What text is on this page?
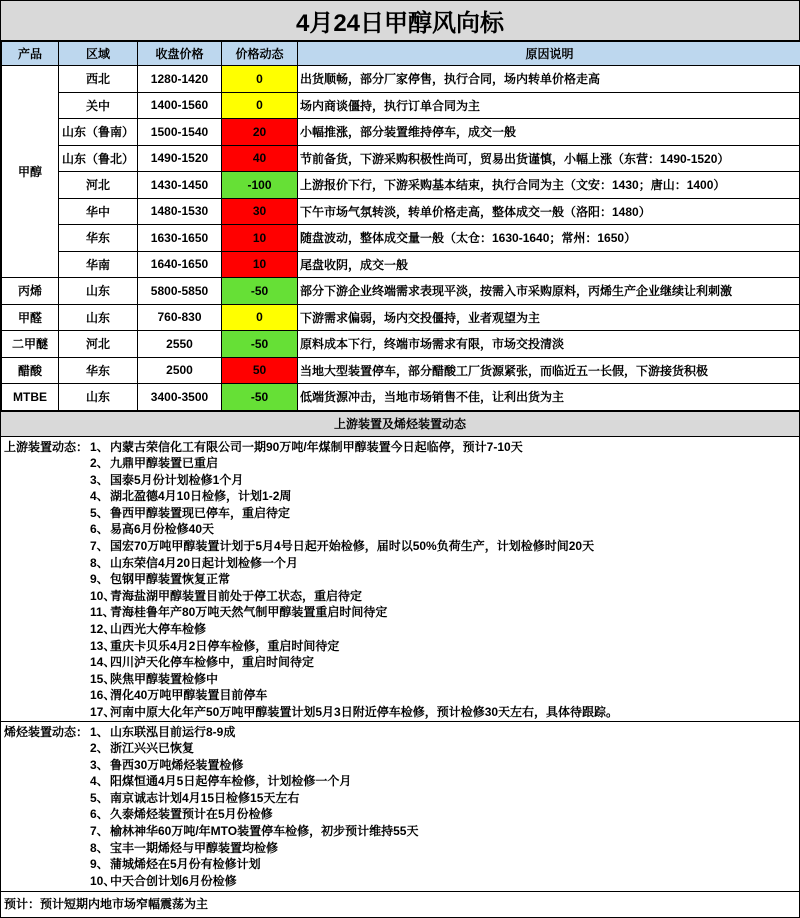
4月24日甲醇风向标
产品	区域	收盘价格	价格动态	原因说明
甲醇	西北	1280-1420	0	出货顺畅，部分厂家停售，执行合同，场内转单价格走高
	关中	1400-1560	0	场内商谈僵持，执行订单合同为主
	山东（鲁南）	1500-1540	20	小幅推涨，部分装置维持停车，成交一般
	山东（鲁北）	1490-1520	40	节前备货，下游采购积极性尚可，贸易出货谨慎，小幅上涨（东营：1490-1520）
	河北	1430-1450	-100	上游报价下行，下游采购基本结束，执行合同为主（文安：1430；唐山：1400）
	华中	1480-1530	30	下午市场气氛转淡，转单价格走高，整体成交一般（洛阳：1480）
	华东	1630-1650	10	随盘波动，整体成交量一般（太仓：1630-1640；常州：1650）
	华南	1640-1650	10	尾盘收阴，成交一般
丙烯	山东	5800-5850	-50	部分下游企业终端需求表现平淡，按需入市采购原料，丙烯生产企业继续让利刺激
甲醛	山东	760-830	0	下游需求偏弱，场内交投僵持，业者观望为主
二甲醚	河北	2550	-50	原料成本下行，终端市场需求有限，市场交投清淡
醋酸	华东	2500	50	当地大型装置停车，部分醋酸工厂货源紧张，而临近五一长假，下游接货积极
MTBE	山东	3400-3500	-50	低端货源冲击，当地市场销售不佳，让利出货为主
上游装置及烯烃装置动态
上游装置动态： 1、 内蒙古荣信化工有限公司一期90万吨/年煤制甲醇装置今日起临停，预计7-10天
2、 九鼎甲醇装置已重启
3、 国泰5月份计划检修1个月
4、 湖北盈德4月10日检修，计划1-2周
5、 鲁西甲醇装置现已停车，重启待定
6、 易高6月份检修40天
7、 国宏70万吨甲醇装置计划于5月4号日起开始检修，届时以50%负荷生产，计划检修时间20天
8、 山东荣信4月20日起计划检修一个月
9、 包钢甲醇装置恢复正常
10、
青海盐湖甲醇装置目前处于停工状态，重启待定
11、
青海桂鲁年产80万吨天然气制甲醇装置重启时间待定
12、
山西光大停车检修
13、
重庆卡贝乐4月2日停车检修，重启时间待定
14、
四川泸天化停车检修中，重启时间待定
15、
陕焦甲醇装置检修中
16、
渭化40万吨甲醇装置目前停车
17、
河南中原大化年产50万吨甲醇装置计划5月3日附近停车检修，预计检修30天左右，具体待跟踪。
烯烃装置动态： 1、 山东联泓目前运行8-9成
2、 浙江兴兴已恢复
3、 鲁西30万吨烯烃装置检修
4、 阳煤恒通4月5日起停车检修，计划检修一个月
5、 南京诚志计划4月15日检修15天左右
6、 久泰烯烃装置预计在5月份检修
7、 榆林神华60万吨/年MTO装置停车检修，初步预计维持55天
8、 宝丰一期烯烃与甲醇装置均检修
9、 蒲城烯烃在5月份有检修计划
10、
中天合创计划6月份检修
预计：预计短期内地市场窄幅震荡为主
